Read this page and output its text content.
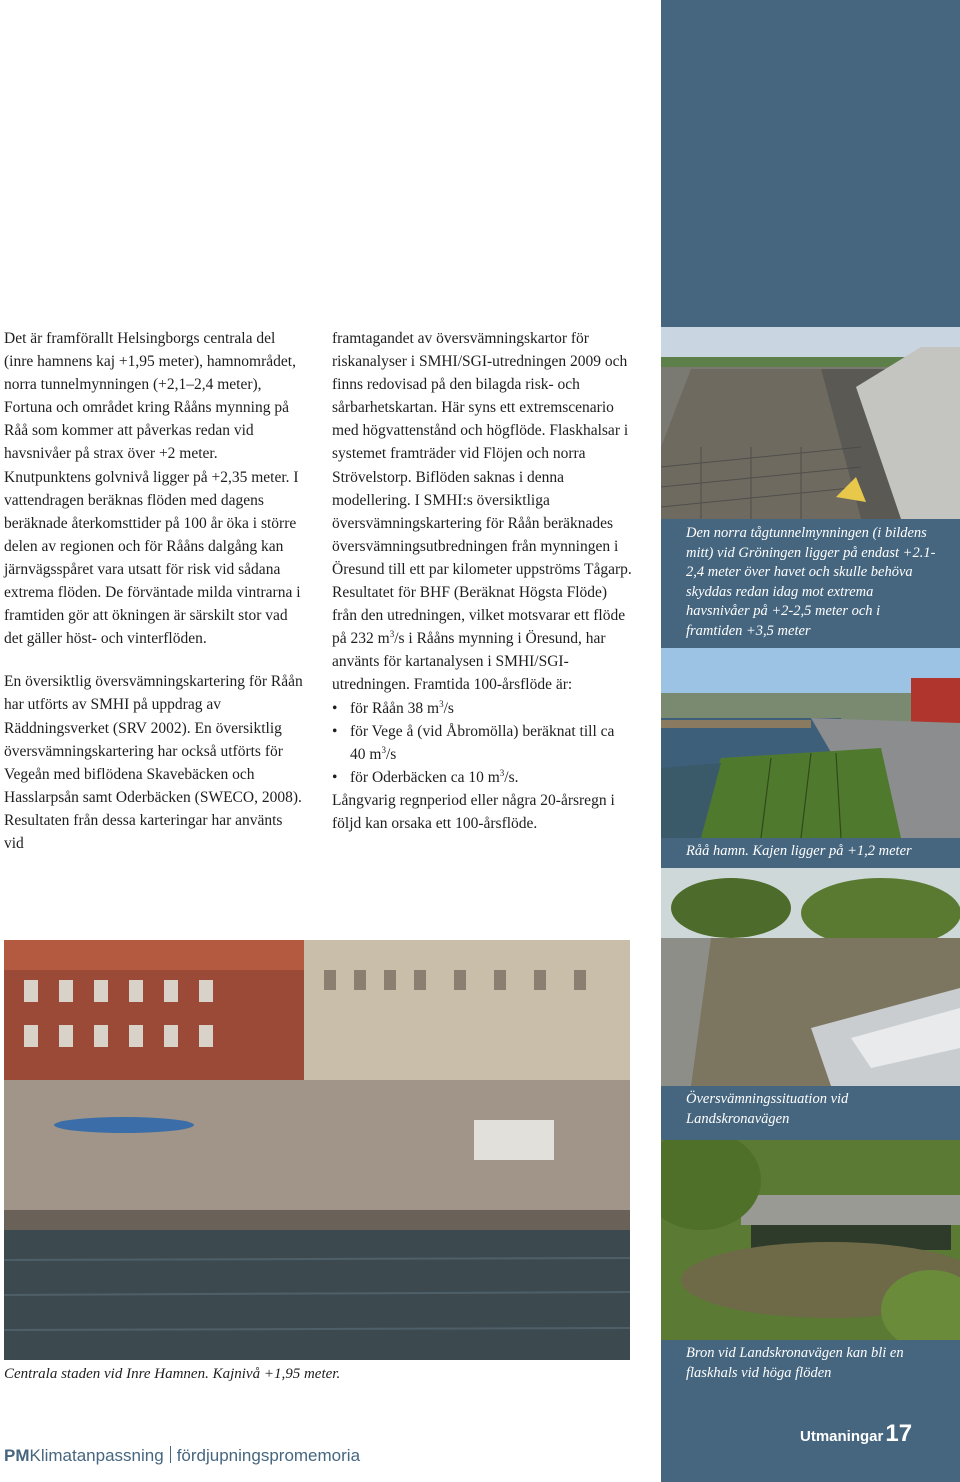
Det är framförallt Helsingborgs centrala del (inre hamnens kaj +1,95 meter), hamnområdet, norra tunnelmynningen (+2,1–2,4 meter), Fortuna och området kring Rååns mynning på Råå som kommer att påverkas redan vid havsnivåer på strax över +2 meter. Knutpunktens golvnivå ligger på +2,35 meter. I vattendragen beräknas flöden med dagens beräknade återkomsttider på 100 år öka i större delen av regionen och för Rååns dalgång kan järnvägsspåret vara utsatt för risk vid sådana extrema flöden. De förväntade milda vintrarna i framtiden gör att ökningen är särskilt stor vad det gäller höst- och vinterflöden.

En översiktlig översvämningskartering för Råån har utförts av SMHI på uppdrag av Räddningsverket (SRV 2002). En översiktlig översvämningskartering har också utförts för Vegeån med biflödena Skavebäcken och Hasslarpsån samt Oderbäcken (SWECO, 2008). Resultaten från dessa karteringar har använts vid

framtagandet av översvämningskartor för riskanalyser i SMHI/SGI-utredningen 2009 och finns redovisad på den bilagda risk- och sårbarhetskartan. Här syns ett extremscenario med högvattenstånd och högflöde. Flaskhalsar i systemet framträder vid Flöjen och norra Strövelstorp. Biflöden saknas i denna modellering. I SMHI:s översiktliga översvämningskartering för Råån beräknades översvämningsutbredningen från mynningen i Öresund till ett par kilometer uppströms Tågarp. Resultatet för BHF (Beräknat Högsta Flöde) från den utredningen, vilket motsvarar ett flöde på 232 $m^3/s$ i Rååns mynning i Öresund, har använts för kartanalysen i SMHI/SGI-utredningen. Framtida 100-årsflöde är:

• för Råån 38 $m^3/s$
• för Vege å (vid Åbromölla) beräknat till ca 40 $m^3/s$
• för Oderbäcken ca 10 $m^3/s$.

Långvarig regnperiod eller några 20-årsregn i följd kan orsaka ett 100-årsflöde.

Den norra tågtunnelmynningen (i bildens mitt) vid Gröningen ligger på endast +2.1-2,4 meter över havet och skulle behöva skyddas redan idag mot extrema havsnivåer på +2-2,5 meter och i framtiden +3,5 meter
Råå hamn. Kajen ligger på +1,2 meter
Översvämningssituation vid Landskronavägen
Bron vid Landskronavägen kan bli en flaskhals vid höga flöden
Centrala staden vid Inre Hamnen. Kajnivå +1,95 meter.
PMKlimatanpassning fördjupningspromemoria
Utmaningar17
